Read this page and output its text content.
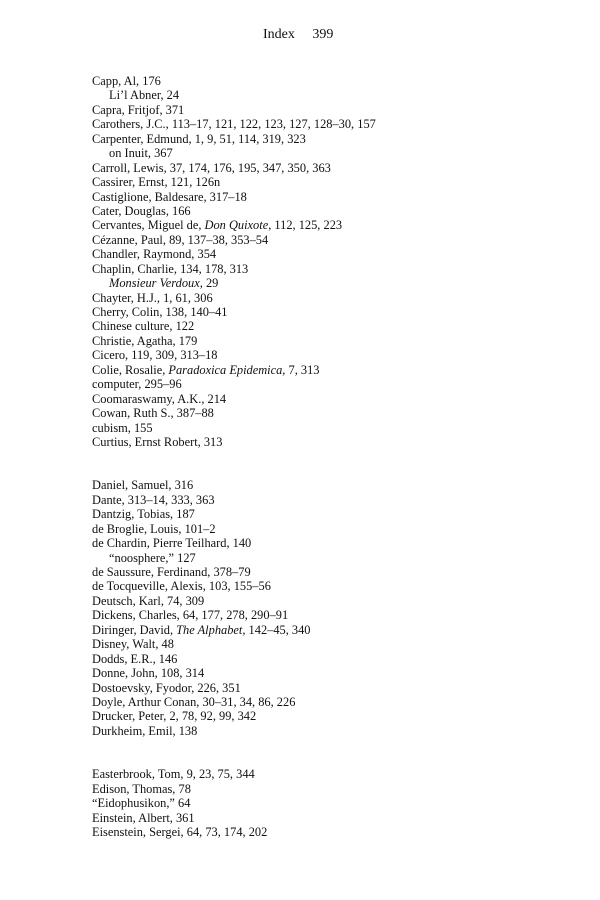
Index 399
Capp, Al, 176
Li’l Abner, 24
Capra, Fritjof, 371
Carothers, J.C., 113–17, 121, 122, 123, 127, 128–30, 157
Carpenter, Edmund, 1, 9, 51, 114, 319, 323
on Inuit, 367
Carroll, Lewis, 37, 174, 176, 195, 347, 350, 363
Cassirer, Ernst, 121, 126n
Castiglione, Baldesare, 317–18
Cater, Douglas, 166
Cervantes, Miguel de, Don Quixote, 112, 125, 223
Cézanne, Paul, 89, 137–38, 353–54
Chandler, Raymond, 354
Chaplin, Charlie, 134, 178, 313
Monsieur Verdoux, 29
Chayter, H.J., 1, 61, 306
Cherry, Colin, 138, 140–41
Chinese culture, 122
Christie, Agatha, 179
Cicero, 119, 309, 313–18
Colie, Rosalie, Paradoxica Epidemica, 7, 313
computer, 295–96
Coomaraswamy, A.K., 214
Cowan, Ruth S., 387–88
cubism, 155
Curtius, Ernst Robert, 313
Daniel, Samuel, 316
Dante, 313–14, 333, 363
Dantzig, Tobias, 187
de Broglie, Louis, 101–2
de Chardin, Pierre Teilhard, 140
“noosphere,” 127
de Saussure, Ferdinand, 378–79
de Tocqueville, Alexis, 103, 155–56
Deutsch, Karl, 74, 309
Dickens, Charles, 64, 177, 278, 290–91
Diringer, David, The Alphabet, 142–45, 340
Disney, Walt, 48
Dodds, E.R., 146
Donne, John, 108, 314
Dostoevsky, Fyodor, 226, 351
Doyle, Arthur Conan, 30–31, 34, 86, 226
Drucker, Peter, 2, 78, 92, 99, 342
Durkheim, Emil, 138
Easterbrook, Tom, 9, 23, 75, 344
Edison, Thomas, 78
“Eidophusikon,” 64
Einstein, Albert, 361
Eisenstein, Sergei, 64, 73, 174, 202
